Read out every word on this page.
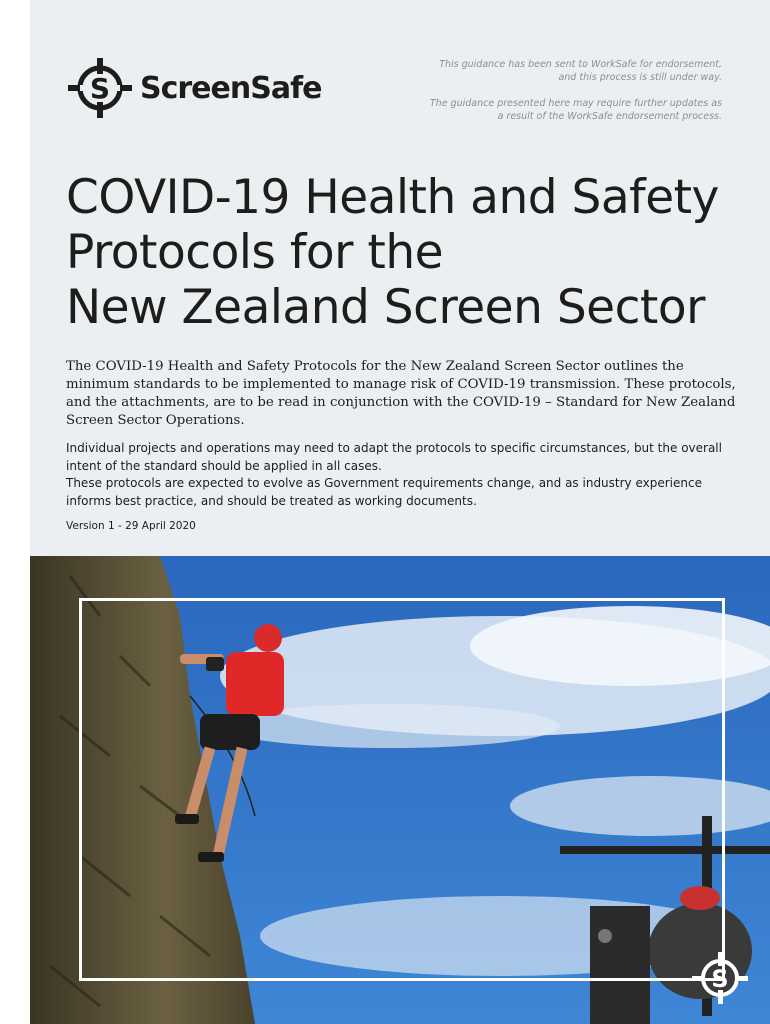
S ScreenSafe

This guidance has been sent to WorkSafe for endorsement, and this process is still under way.

The guidance presented here may require further updates as a result of the WorkSafe endorsement process.

COVID-19 Health and Safety
Protocols for the
New Zealand Screen Sector

The COVID-19 Health and Safety Protocols for the New Zealand Screen Sector outlines the minimum standards to be implemented to manage risk of COVID-19 transmission. These protocols, and the attachments, are to be read in conjunction with the COVID-19 – Standard for New Zealand Screen Sector Operations.

Individual projects and operations may need to adapt the protocols to specific circumstances, but the overall intent of the standard should be applied in all cases.
These protocols are expected to evolve as Government requirements change, and as industry experience informs best practice, and should be treated as working documents.

Version 1 - 29 April 2020

S
